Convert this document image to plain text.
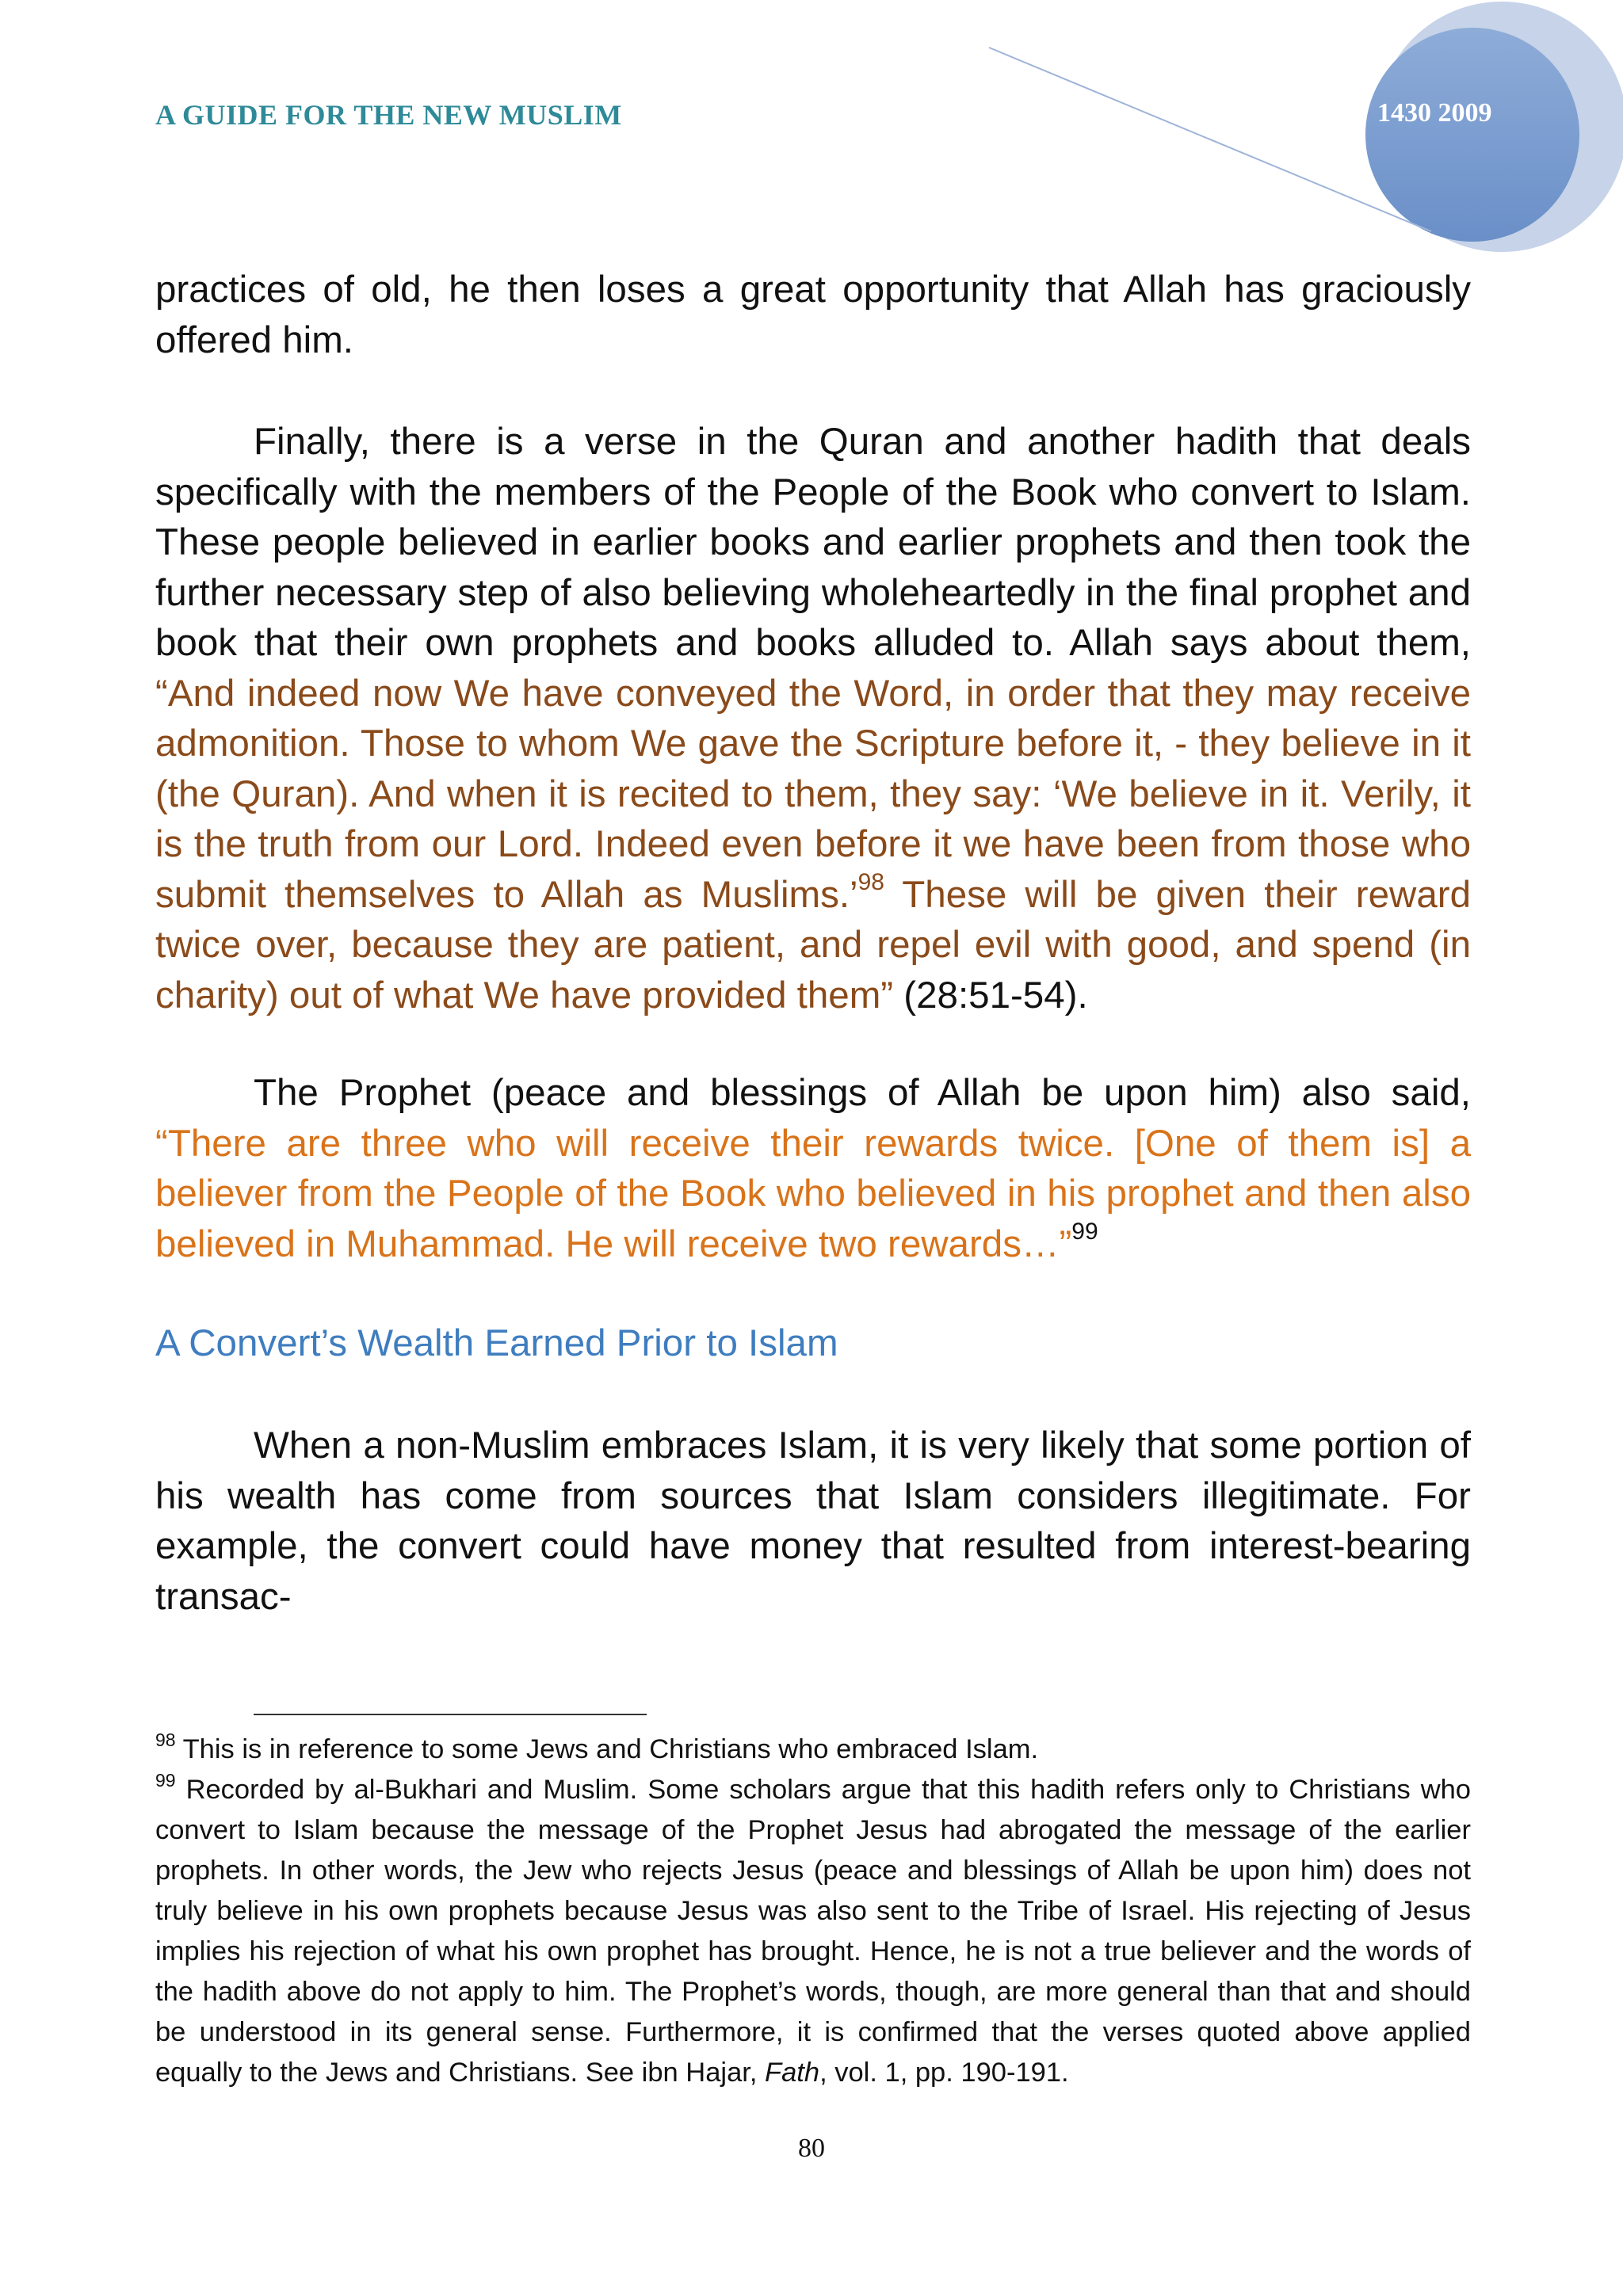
A GUIDE FOR THE NEW MUSLIM	1430 2009

practices of old, he then loses a great opportunity that Allah has graciously offered him.

Finally, there is a verse in the Quran and another hadith that deals specifically with the members of the People of the Book who convert to Islam. These people believed in earlier books and earlier prophets and then took the further necessary step of also believing wholeheartedly in the final prophet and book that their own prophets and books alluded to. Allah says about them, “And indeed now We have conveyed the Word, in order that they may receive admonition. Those to whom We gave the Scripture before it, - they believe in it (the Quran). And when it is recited to them, they say: ‘We believe in it. Verily, it is the truth from our Lord. Indeed even before it we have been from those who submit themselves to Allah as Muslims.’$^{98}$ These will be given their reward twice over, because they are patient, and repel evil with good, and spend (in charity) out of what We have provided them” (28:51-54).

The Prophet (peace and blessings of Allah be upon him) also said, “There are three who will receive their rewards twice. [One of them is] a believer from the People of the Book who believed in his prophet and then also believed in Muhammad. He will receive two rewards…”$^{99}$

A Convert’s Wealth Earned Prior to Islam

When a non-Muslim embraces Islam, it is very likely that some portion of his wealth has come from sources that Islam considers illegitimate. For example, the convert could have money that resulted from interest-bearing transac-

$^{98}$ This is in reference to some Jews and Christians who embraced Islam.

$^{99}$ Recorded by al-Bukhari and Muslim. Some scholars argue that this hadith refers only to Christians who convert to Islam because the message of the Prophet Jesus had abrogated the message of the earlier prophets. In other words, the Jew who rejects Jesus (peace and blessings of Allah be upon him) does not truly believe in his own prophets because Jesus was also sent to the Tribe of Israel. His rejecting of Jesus implies his rejection of what his own prophet has brought. Hence, he is not a true believer and the words of the hadith above do not apply to him. The Prophet’s words, though, are more general than that and should be understood in its general sense. Furthermore, it is confirmed that the verses quoted above applied equally to the Jews and Christians. See ibn Hajar, Fath, vol. 1, pp. 190-191.

80
